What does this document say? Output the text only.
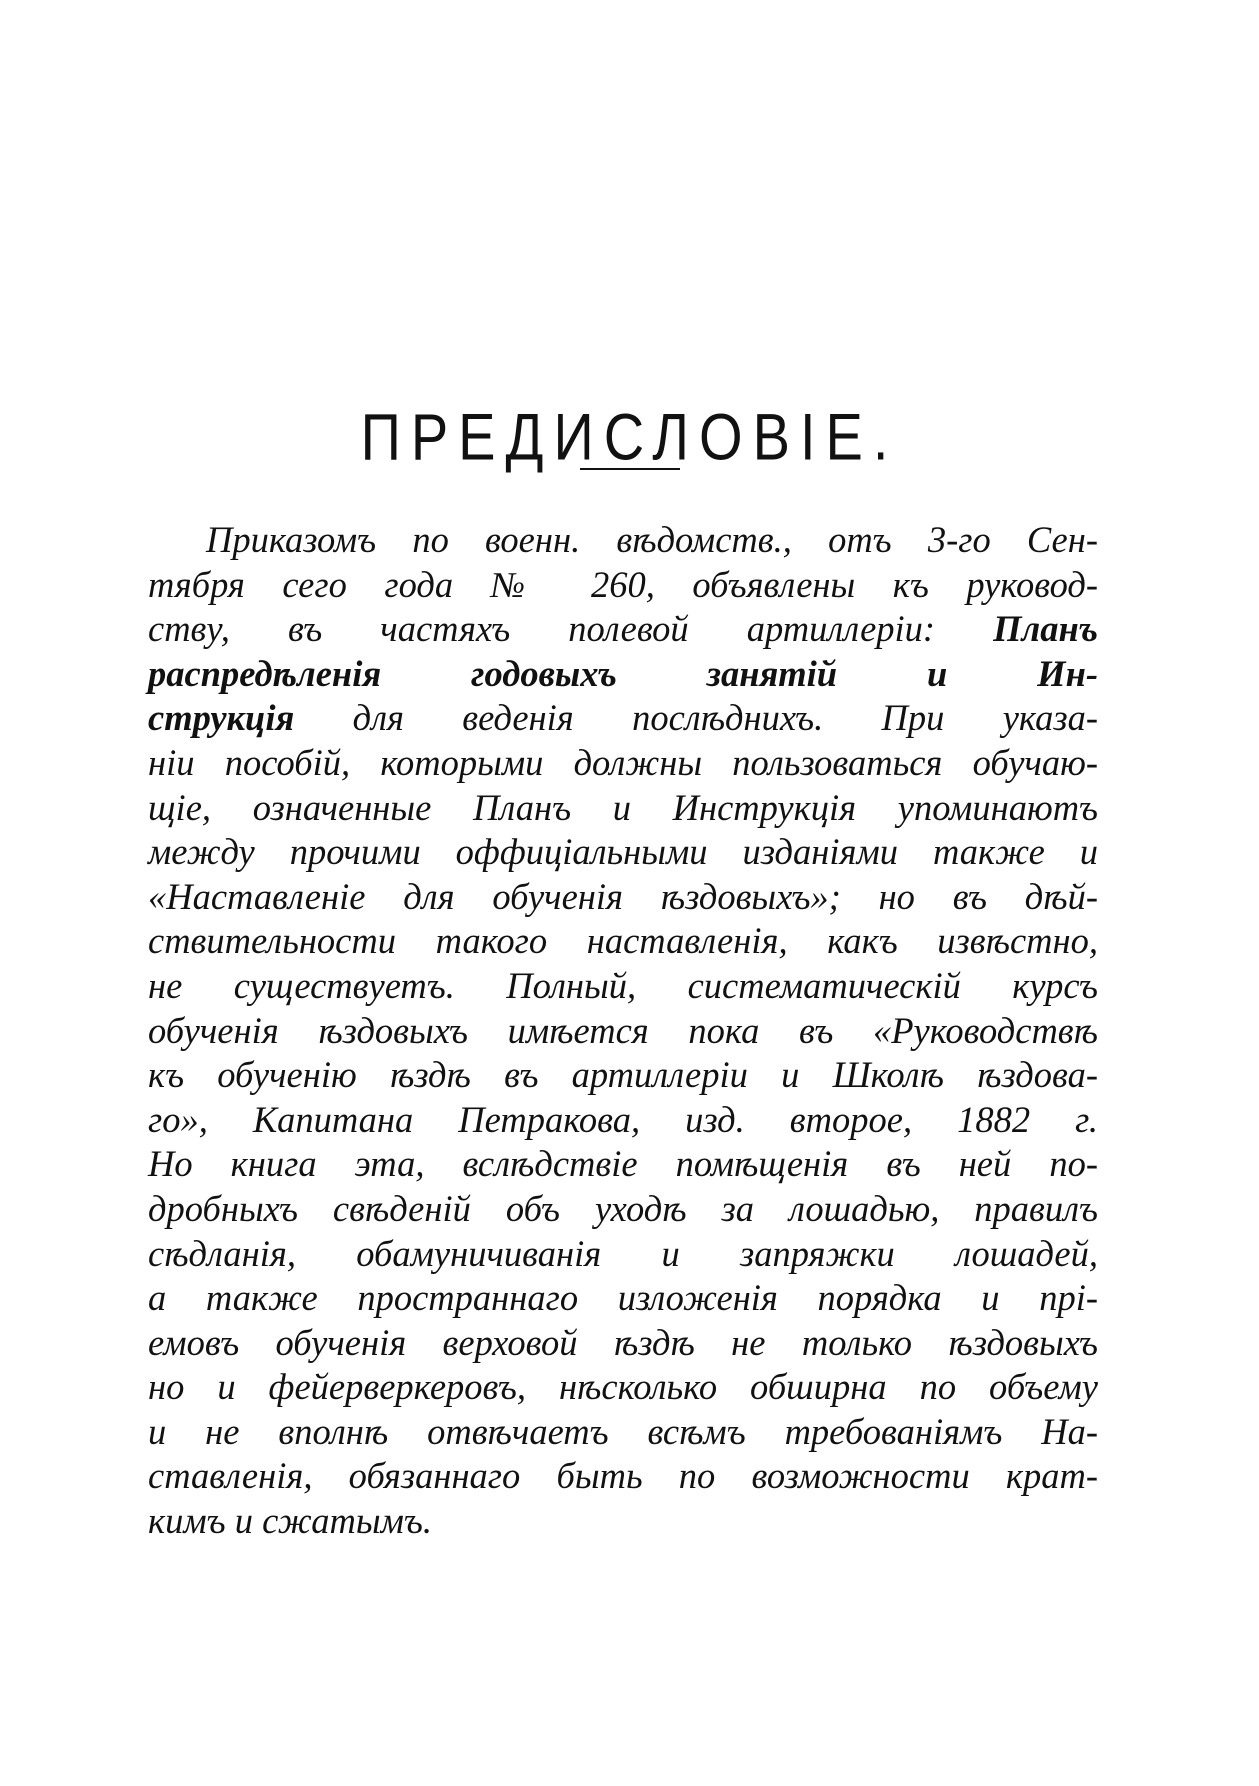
ПРЕДИСЛОВІЕ.
Приказомъ по военн. вѣдомств., отъ 3-го Сен-
тября сего года № 260, объявлены къ руковод-
ству, въ частяхъ полевой артиллеріи: Планъ
распредѣленія годовыхъ занятій и Ин-
струкція для веденія послѣднихъ. При указа-
ніи пособій, которыми должны пользоваться обучаю-
щіе, означенные Планъ и Инструкція упоминаютъ
между прочими оффиціальными изданіями также и
«Наставленіе для обученія ѣздовыхъ»; но въ дѣй-
ствительности такого наставленія, какъ извѣстно,
не существуетъ. Полный, систематическій курсъ
обученія ѣздовыхъ имѣется пока въ «Руководствѣ
къ обученію ѣздѣ въ артиллеріи и Школѣ ѣздова-
го», Капитана Петракова, изд. второе, 1882 г.
Но книга эта, вслѣдствіе помѣщенія въ ней по-
дробныхъ свѣденій объ уходѣ за лошадью, правилъ
сѣдланія, обамуничиванія и запряжки лошадей,
а также пространнаго изложенія порядка и прі-
емовъ обученія верховой ѣздѣ не только ѣздовыхъ
но и фейерверкеровъ, нѣсколько обширна по объему
и не вполнѣ отвѣчаетъ всѣмъ требованіямъ На-
ставленія, обязаннаго быть по возможности крат-
кимъ и сжатымъ.
